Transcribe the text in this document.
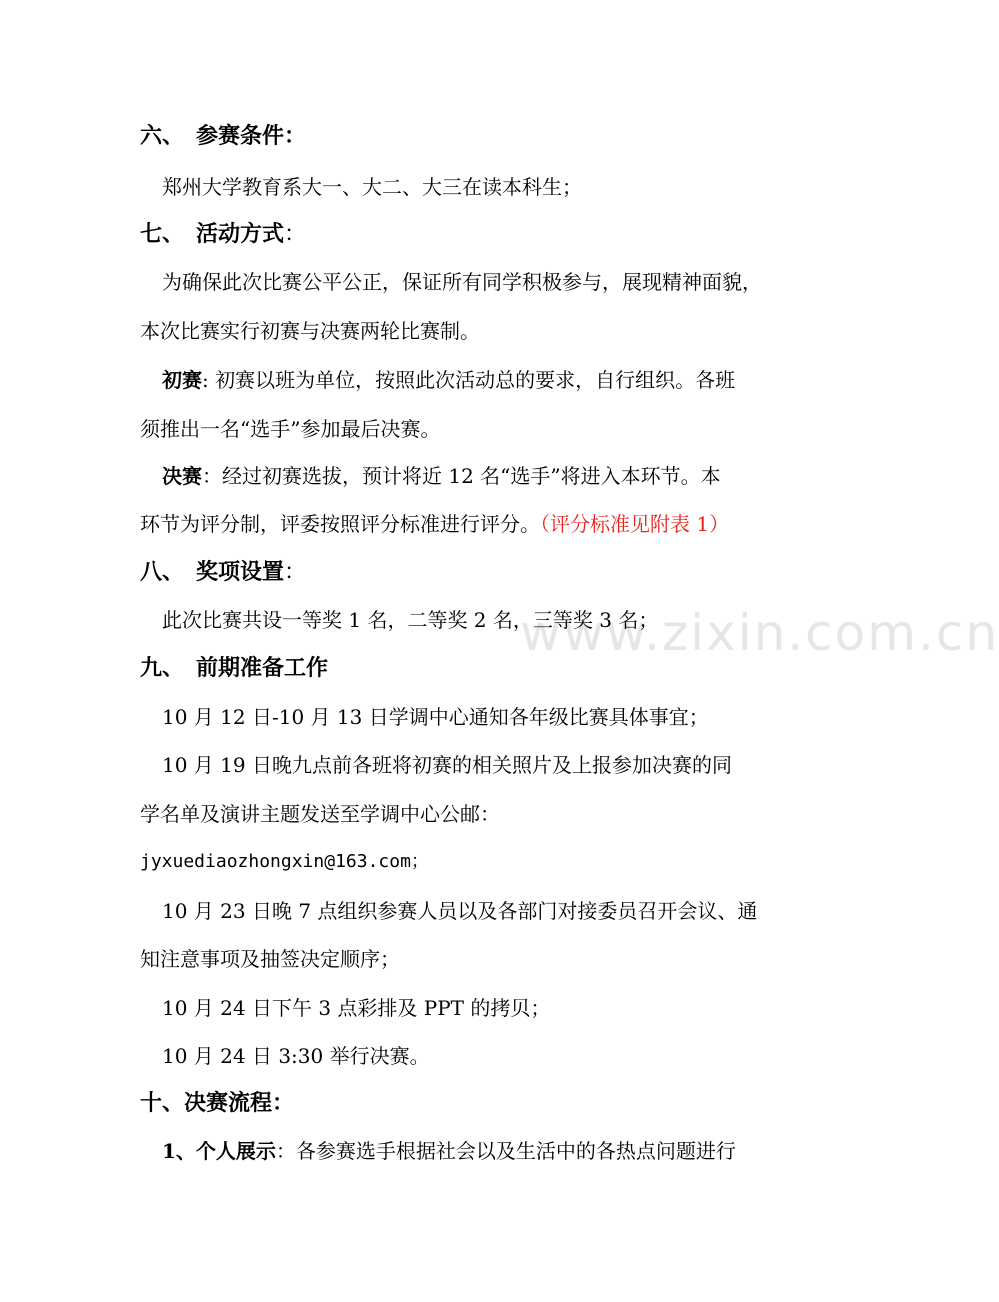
www.zixin.com.cn
六、 参赛条件：
郑州大学教育系大一、大二、大三在读本科生；
七、 活动方式：
为确保此次比赛公平公正，保证所有同学积极参与，展现精神面貌，
本次比赛实行初赛与决赛两轮比赛制。
初赛: 初赛以班为单位，按照此次活动总的要求，自行组织。各班
须推出一名“选手”参加最后决赛。
决赛：经过初赛选拔，预计将近 12 名“选手”将进入本环节。本
环节为评分制，评委按照评分标准进行评分。（评分标准见附表 1）
八、 奖项设置：
此次比赛共设一等奖 1 名，二等奖 2 名，三等奖 3 名；
九、 前期准备工作
10 月 12 日-10 月 13 日学调中心通知各年级比赛具体事宜；
10 月 19 日晚九点前各班将初赛的相关照片及上报参加决赛的同
学名单及演讲主题发送至学调中心公邮：
jyxuediaozhongxin@163.com；
10 月 23 日晚 7 点组织参赛人员以及各部门对接委员召开会议、通
知注意事项及抽签决定顺序；
10 月 24 日下午 3 点彩排及 PPT 的拷贝；
10 月 24 日 3:30 举行决赛。
十、决赛流程：
1、个人展示：各参赛选手根据社会以及生活中的各热点问题进行
